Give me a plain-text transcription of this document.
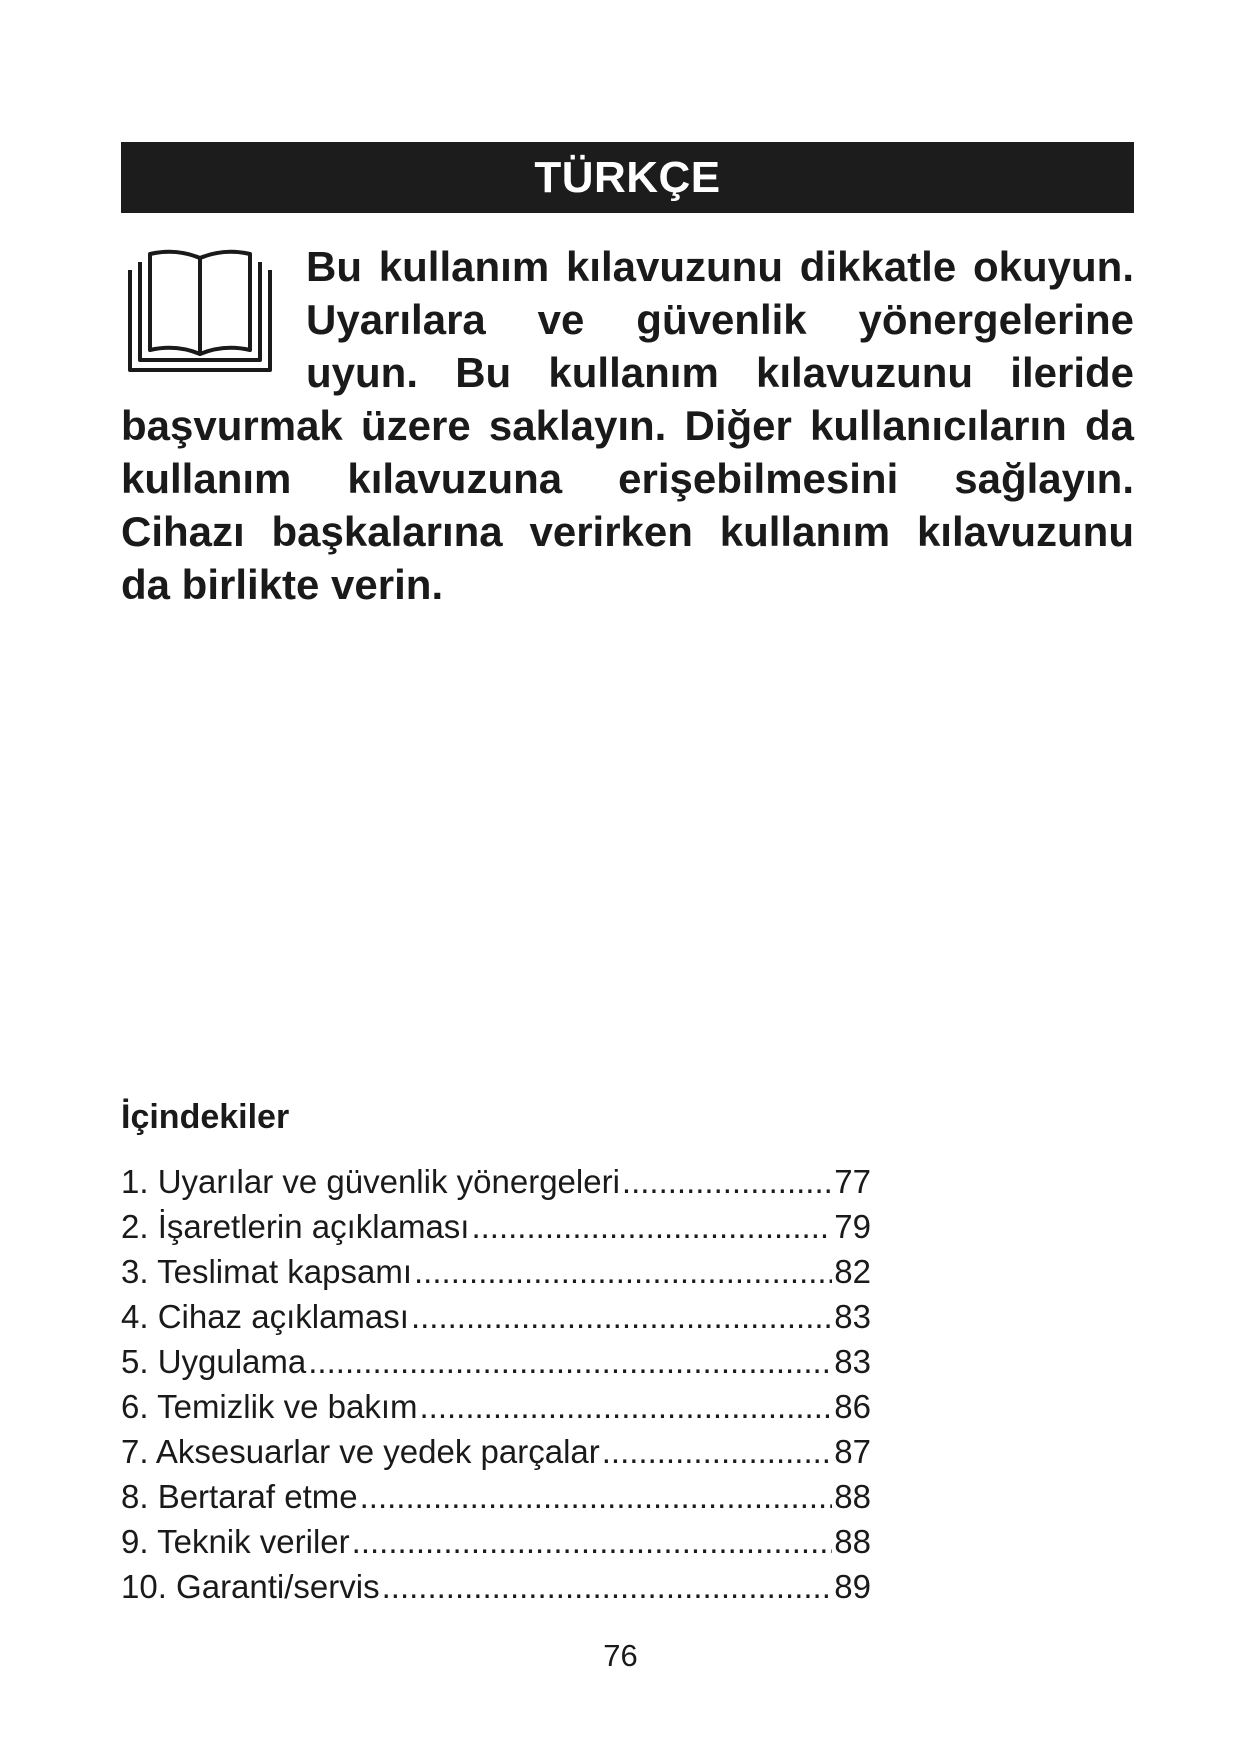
TÜRKÇE

Bu kullanım kılavuzunu dikkatle okuyun. Uyarılara ve güvenlik yönergelerine uyun. Bu kullanım kılavuzunu ileride başvurmak üzere saklayın. Diğer kullanıcıların da kullanım kılavuzuna erişebilmesini sağlayın. Cihazı başkalarına verirken kullanım kılavuzunu da birlikte verin.

İçindekiler
1. Uyarılar ve güvenlik yönergeleri .....	77
2. İşaretlerin açıklaması .....	79
3. Teslimat kapsamı .....	82
4. Cihaz açıklaması .....	83
5. Uygulama .....	83
6. Temizlik ve bakım .....	86
7. Aksesuarlar ve yedek parçalar .....	87
8. Bertaraf etme .....	88
9. Teknik veriler .....	88
10. Garanti/servis .....	89
76
